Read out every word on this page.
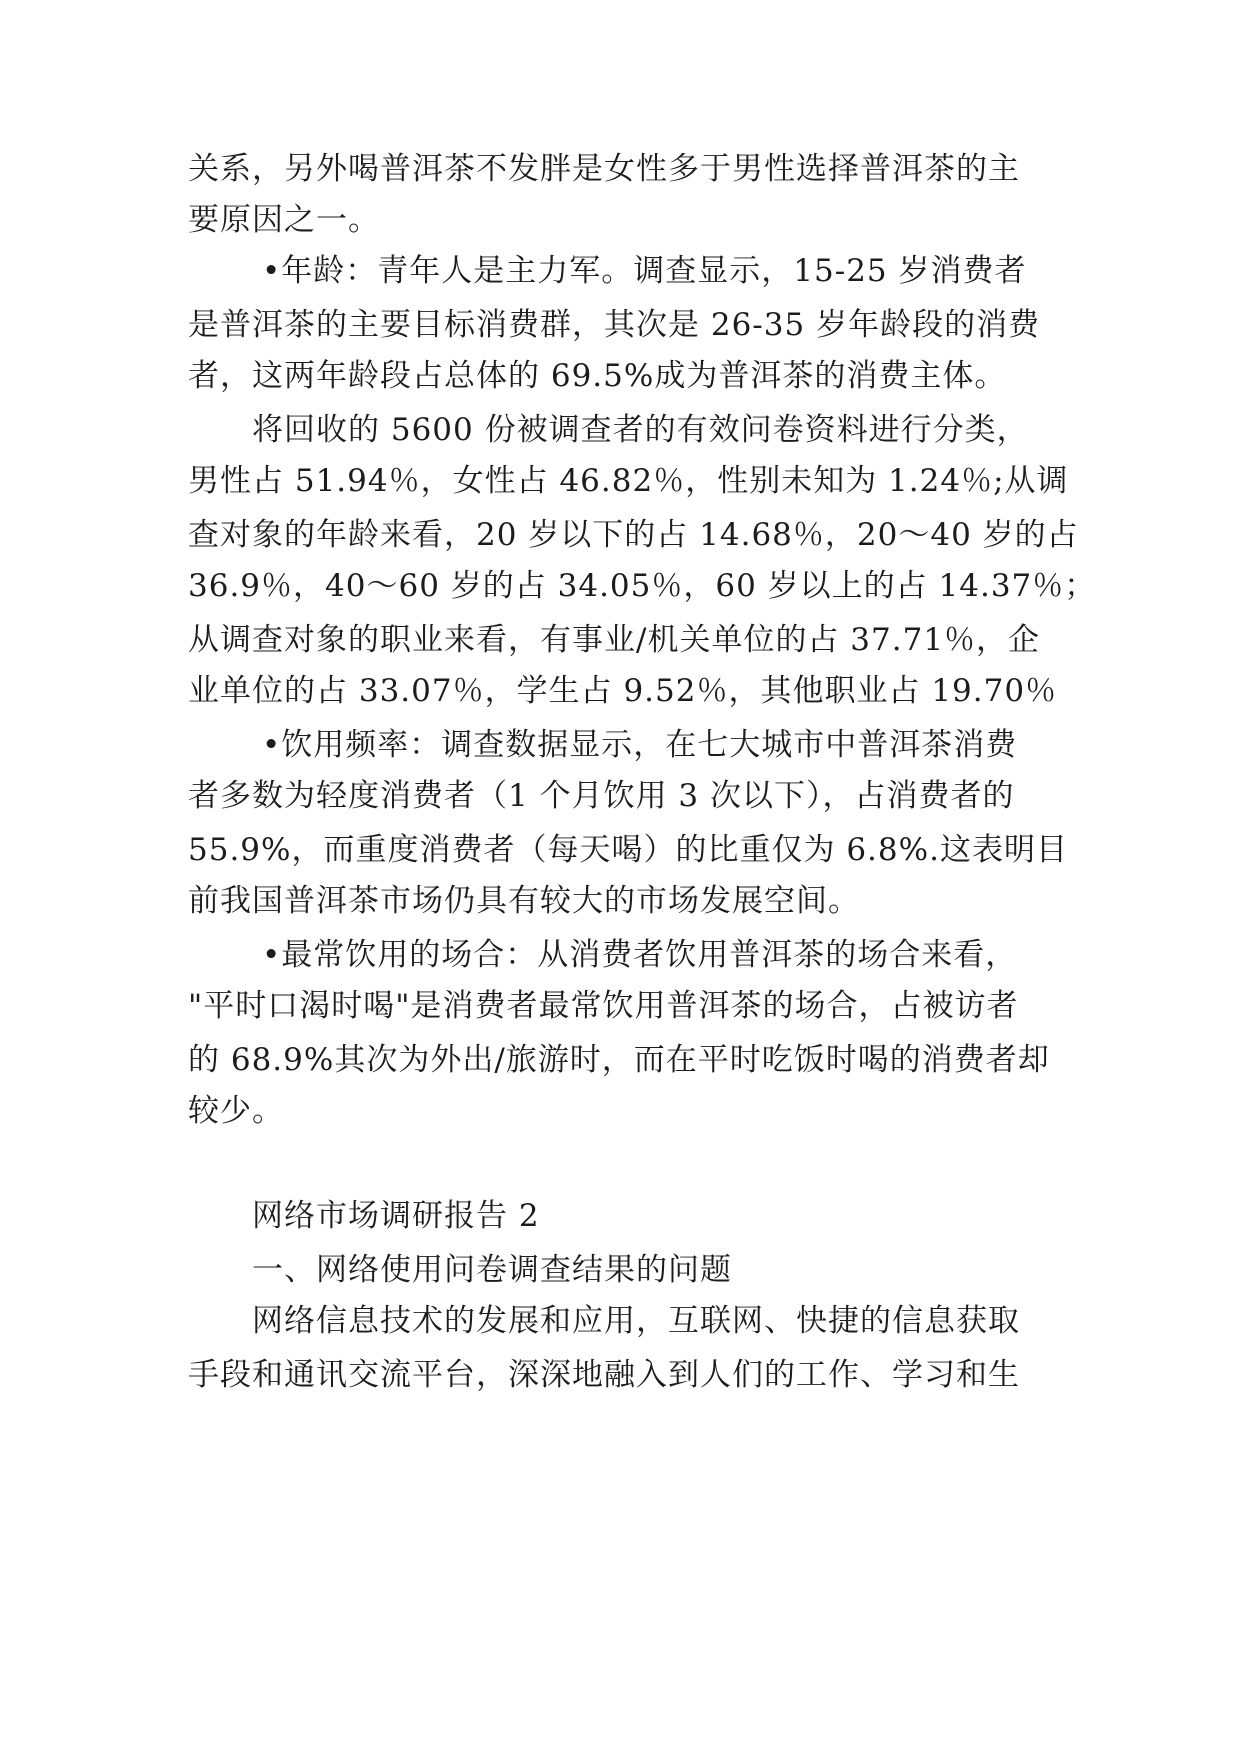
关系，另外喝普洱茶不发胖是女性多于男性选择普洱茶的主
要原因之一。
•年龄：青年人是主力军。调查显示，15-25 岁消费者
是普洱茶的主要目标消费群，其次是 26-35 岁年龄段的消费
者，这两年龄段占总体的 69.5%成为普洱茶的消费主体。
将回收的 5600 份被调查者的有效问卷资料进行分类，
男性占 51.94％，女性占 46.82％，性别未知为 1.24％;从调
查对象的年龄来看，20 岁以下的占 14.68％，20～40 岁的占
36.9％，40～60 岁的占 34.05％，60 岁以上的占 14.37％；
从调查对象的职业来看，有事业/机关单位的占 37.71％，企
业单位的占 33.07％，学生占 9.52％，其他职业占 19.70％
•饮用频率：调查数据显示，在七大城市中普洱茶消费
者多数为轻度消费者（1 个月饮用 3 次以下），占消费者的
55.9%，而重度消费者（每天喝）的比重仅为 6.8%.这表明目
前我国普洱茶市场仍具有较大的市场发展空间。
•最常饮用的场合：从消费者饮用普洱茶的场合来看，
"平时口渴时喝"是消费者最常饮用普洱茶的场合，占被访者
的 68.9%其次为外出/旅游时，而在平时吃饭时喝的消费者却
较少。
网络市场调研报告 2
一、网络使用问卷调查结果的问题
网络信息技术的发展和应用，互联网、快捷的信息获取
手段和通讯交流平台，深深地融入到人们的工作、学习和生
